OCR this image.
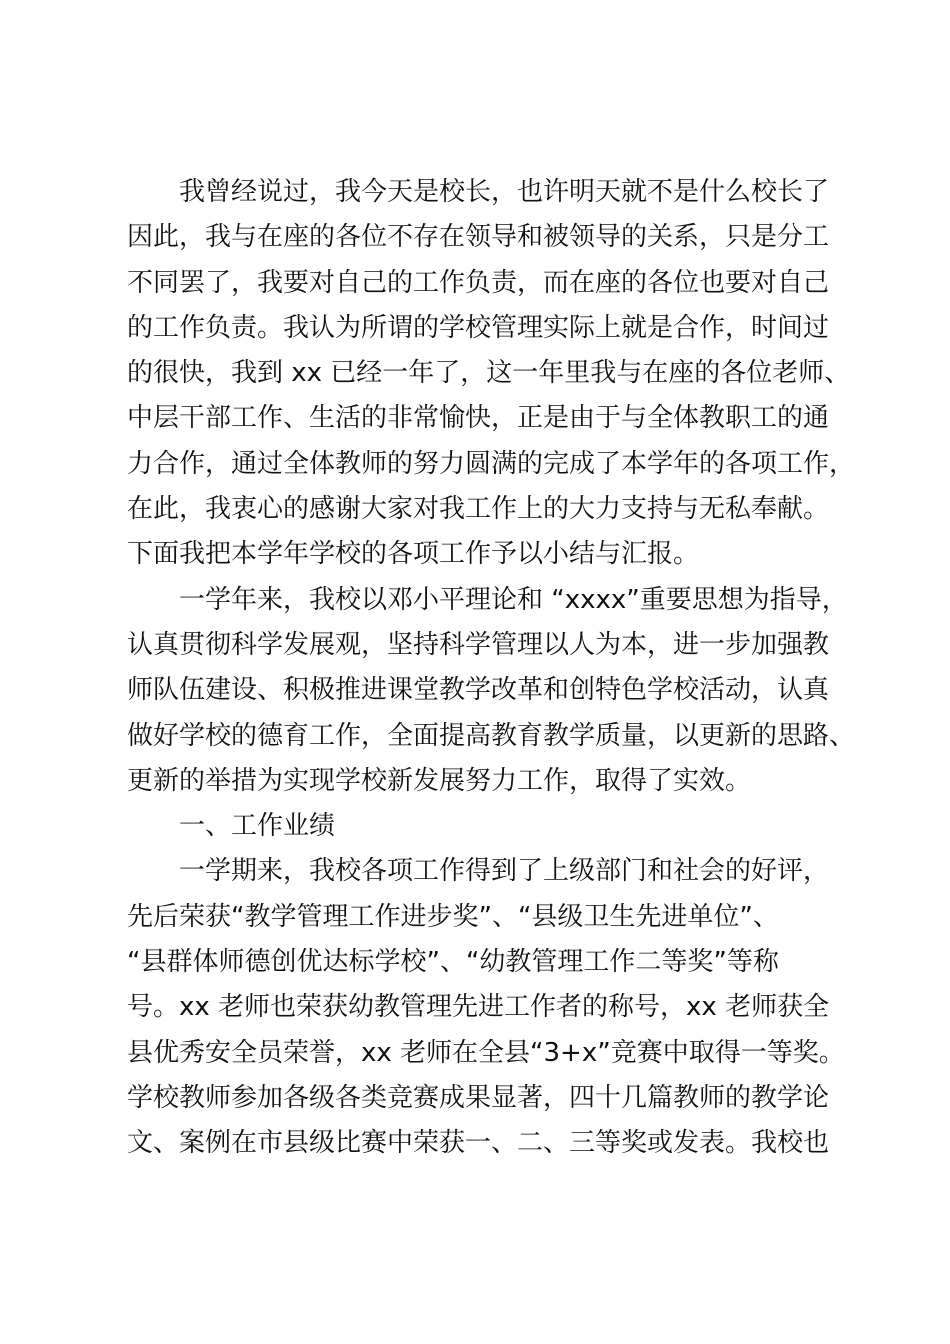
我曾经说过，我今天是校长，也许明天就不是什么校长了
因此，我与在座的各位不存在领导和被领导的关系，只是分工
不同罢了，我要对自己的工作负责，而在座的各位也要对自己
的工作负责。我认为所谓的学校管理实际上就是合作，时间过
的很快，我到 xx 已经一年了，这一年里我与在座的各位老师、
中层干部工作、生活的非常愉快，正是由于与全体教职工的通
力合作，通过全体教师的努力圆满的完成了本学年的各项工作，
在此，我衷心的感谢大家对我工作上的大力支持与无私奉献。
下面我把本学年学校的各项工作予以小结与汇报。
一学年来，我校以邓小平理论和 “xxxx”重要思想为指导，
认真贯彻科学发展观，坚持科学管理以人为本，进一步加强教
师队伍建设、积极推进课堂教学改革和创特色学校活动，认真
做好学校的德育工作，全面提高教育教学质量，以更新的思路、
更新的举措为实现学校新发展努力工作，取得了实效。
一、工作业绩
一学期来，我校各项工作得到了上级部门和社会的好评，
先后荣获“教学管理工作进步奖”、“县级卫生先进单位”、
“县群体师德创优达标学校”、“幼教管理工作二等奖”等称
号。xx 老师也荣获幼教管理先进工作者的称号，xx 老师获全
县优秀安全员荣誉，xx 老师在全县“3+x”竞赛中取得一等奖。
学校教师参加各级各类竞赛成果显著，四十几篇教师的教学论
文、案例在市县级比赛中荣获一、二、三等奖或发表。我校也
